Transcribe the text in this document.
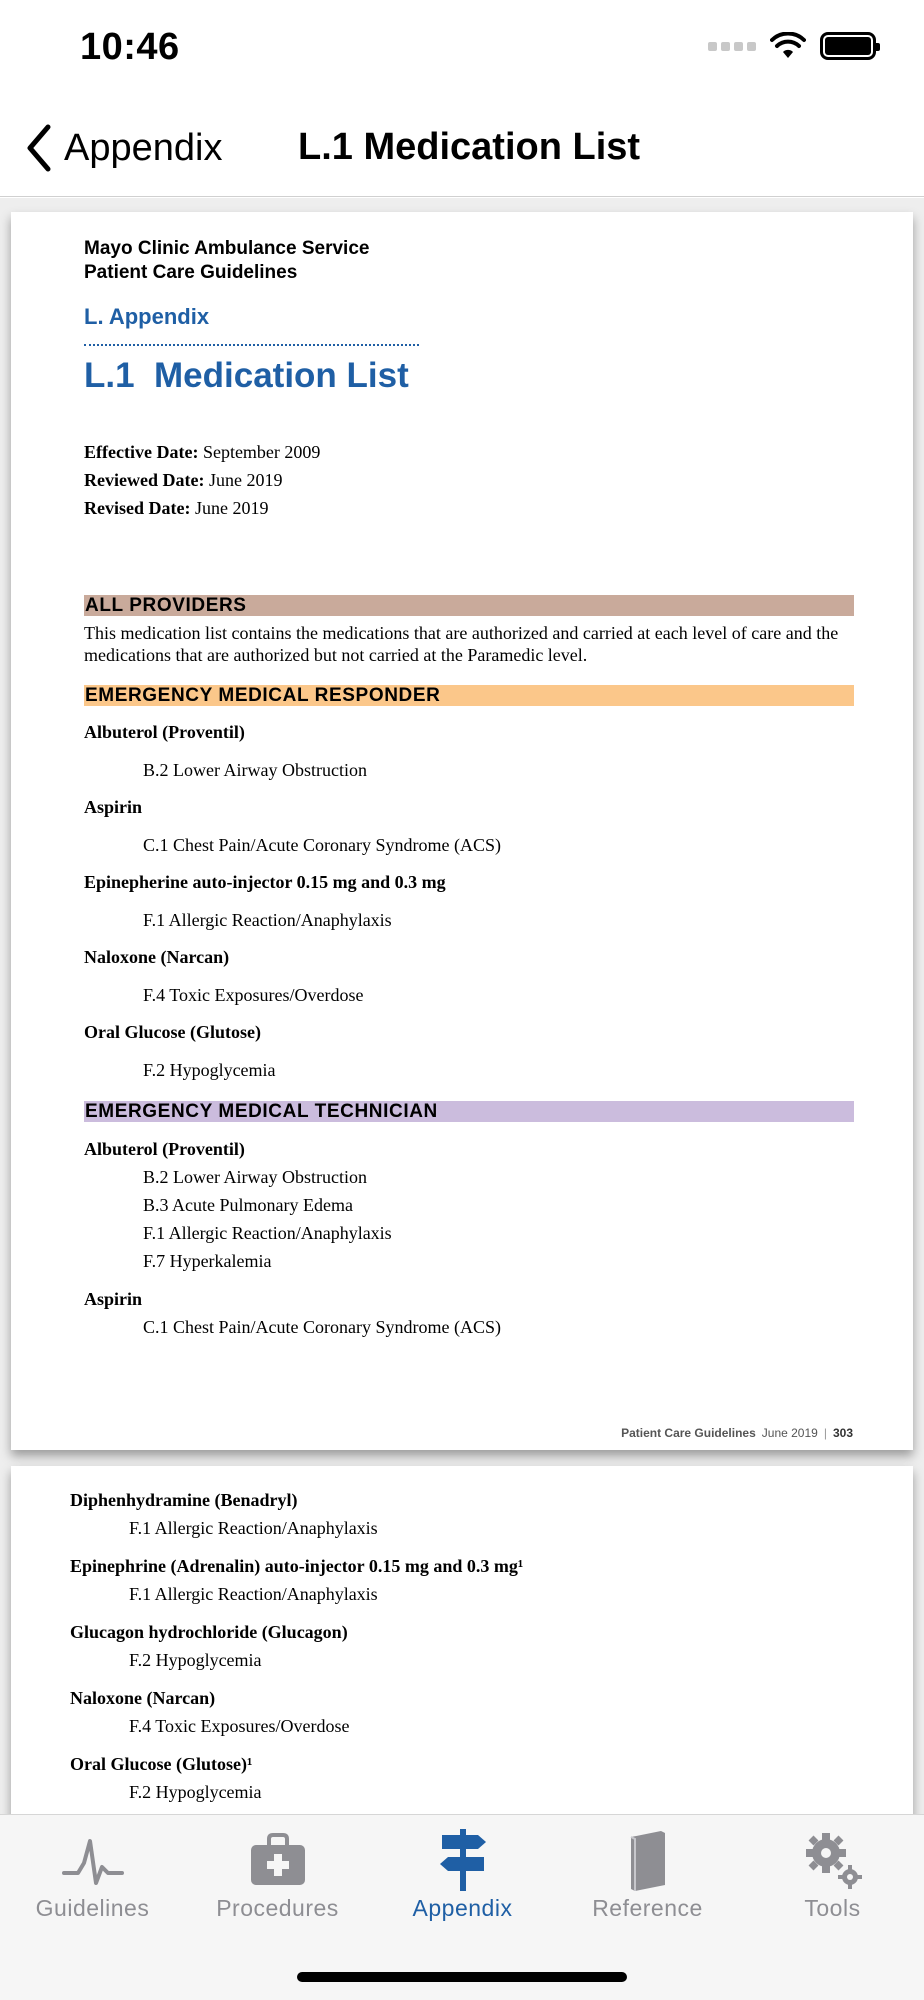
10:46
Appendix L.1 Medication List
Mayo Clinic Ambulance Service
Patient Care Guidelines
L. Appendix
L.1  Medication List
Effective Date: September 2009
Reviewed Date: June 2019
Revised Date: June 2019
ALL PROVIDERS
This medication list contains the medications that are authorized and carried at each level of care and the medications that are authorized but not carried at the Paramedic level.
EMERGENCY MEDICAL RESPONDER
Albuterol (Proventil)
B.2 Lower Airway Obstruction
Aspirin
C.1 Chest Pain/Acute Coronary Syndrome (ACS)
Epinepherine auto-injector 0.15 mg and 0.3 mg
F.1 Allergic Reaction/Anaphylaxis
Naloxone (Narcan)
F.4 Toxic Exposures/Overdose
Oral Glucose (Glutose)
F.2 Hypoglycemia
EMERGENCY MEDICAL TECHNICIAN
Albuterol (Proventil)
B.2 Lower Airway Obstruction
B.3 Acute Pulmonary Edema
F.1 Allergic Reaction/Anaphylaxis
F.7 Hyperkalemia
Aspirin
C.1 Chest Pain/Acute Coronary Syndrome (ACS)
Patient Care Guidelines June 2019 | 303
Diphenhydramine (Benadryl)
F.1 Allergic Reaction/Anaphylaxis
Epinephrine (Adrenalin) auto-injector 0.15 mg and 0.3 mg¹
F.1 Allergic Reaction/Anaphylaxis
Glucagon hydrochloride (Glucagon)
F.2 Hypoglycemia
Naloxone (Narcan)
F.4 Toxic Exposures/Overdose
Oral Glucose (Glutose)¹
F.2 Hypoglycemia
Guidelines	Procedures	Appendix	Reference	Tools
